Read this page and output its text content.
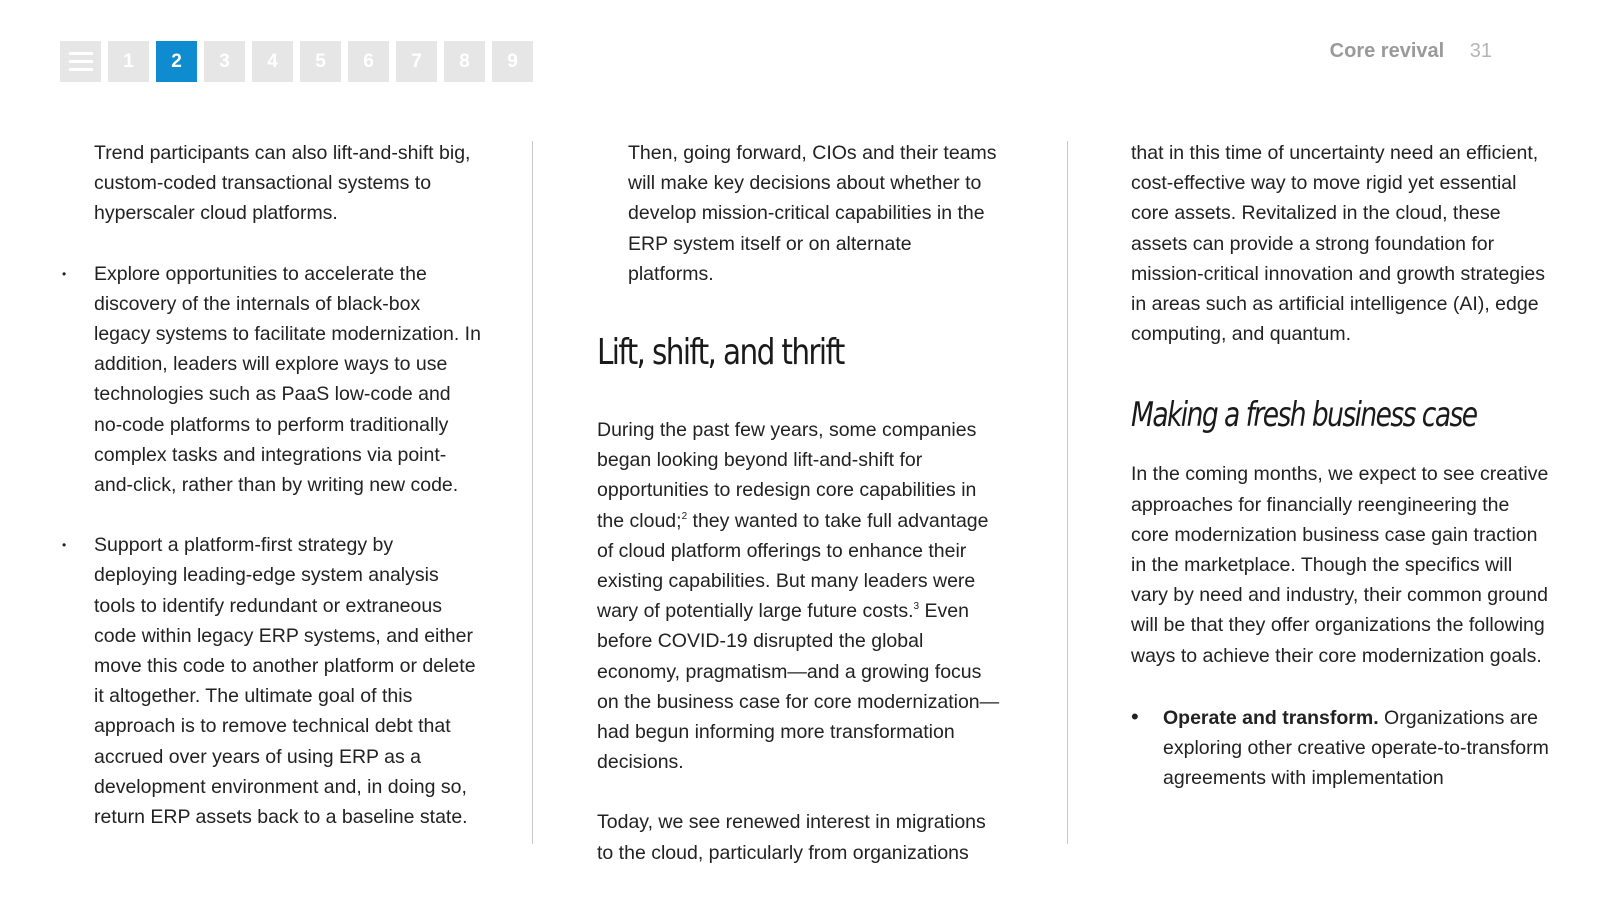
1	2	3	4	5	6	7	8	9	Core revival 31

Trend participants can also lift-and-shift big, custom-coded transactional systems to hyperscaler cloud platforms.

• Explore opportunities to accelerate the discovery of the internals of black-box legacy systems to facilitate modernization. In addition, leaders will explore ways to use technologies such as PaaS low-code and no-code platforms to perform traditionally complex tasks and integrations via point-and-click, rather than by writing new code.

• Support a platform-first strategy by deploying leading-edge system analysis tools to identify redundant or extraneous code within legacy ERP systems, and either move this code to another platform or delete it altogether. The ultimate goal of this approach is to remove technical debt that accrued over years of using ERP as a development environment and, in doing so, return ERP assets back to a baseline state.

Then, going forward, CIOs and their teams will make key decisions about whether to develop mission-critical capabilities in the ERP system itself or on alternate platforms.

Lift, shift, and thrift

During the past few years, some companies began looking beyond lift-and-shift for opportunities to redesign core capabilities in the cloud;$^2$ they wanted to take full advantage of cloud platform offerings to enhance their existing capabilities. But many leaders were wary of potentially large future costs.$^3$ Even before COVID-19 disrupted the global economy, pragmatism—and a growing focus on the business case for core modernization—had begun informing more transformation decisions.

Today, we see renewed interest in migrations to the cloud, particularly from organizations

that in this time of uncertainty need an efficient, cost-effective way to move rigid yet essential core assets. Revitalized in the cloud, these assets can provide a strong foundation for mission-critical innovation and growth strategies in areas such as artificial intelligence (AI), edge computing, and quantum.

Making a fresh business case

In the coming months, we expect to see creative approaches for financially reengineering the core modernization business case gain traction in the marketplace. Though the specifics will vary by need and industry, their common ground will be that they offer organizations the following ways to achieve their core modernization goals.

• Operate and transform. Organizations are exploring other creative operate-to-transform agreements with implementation
